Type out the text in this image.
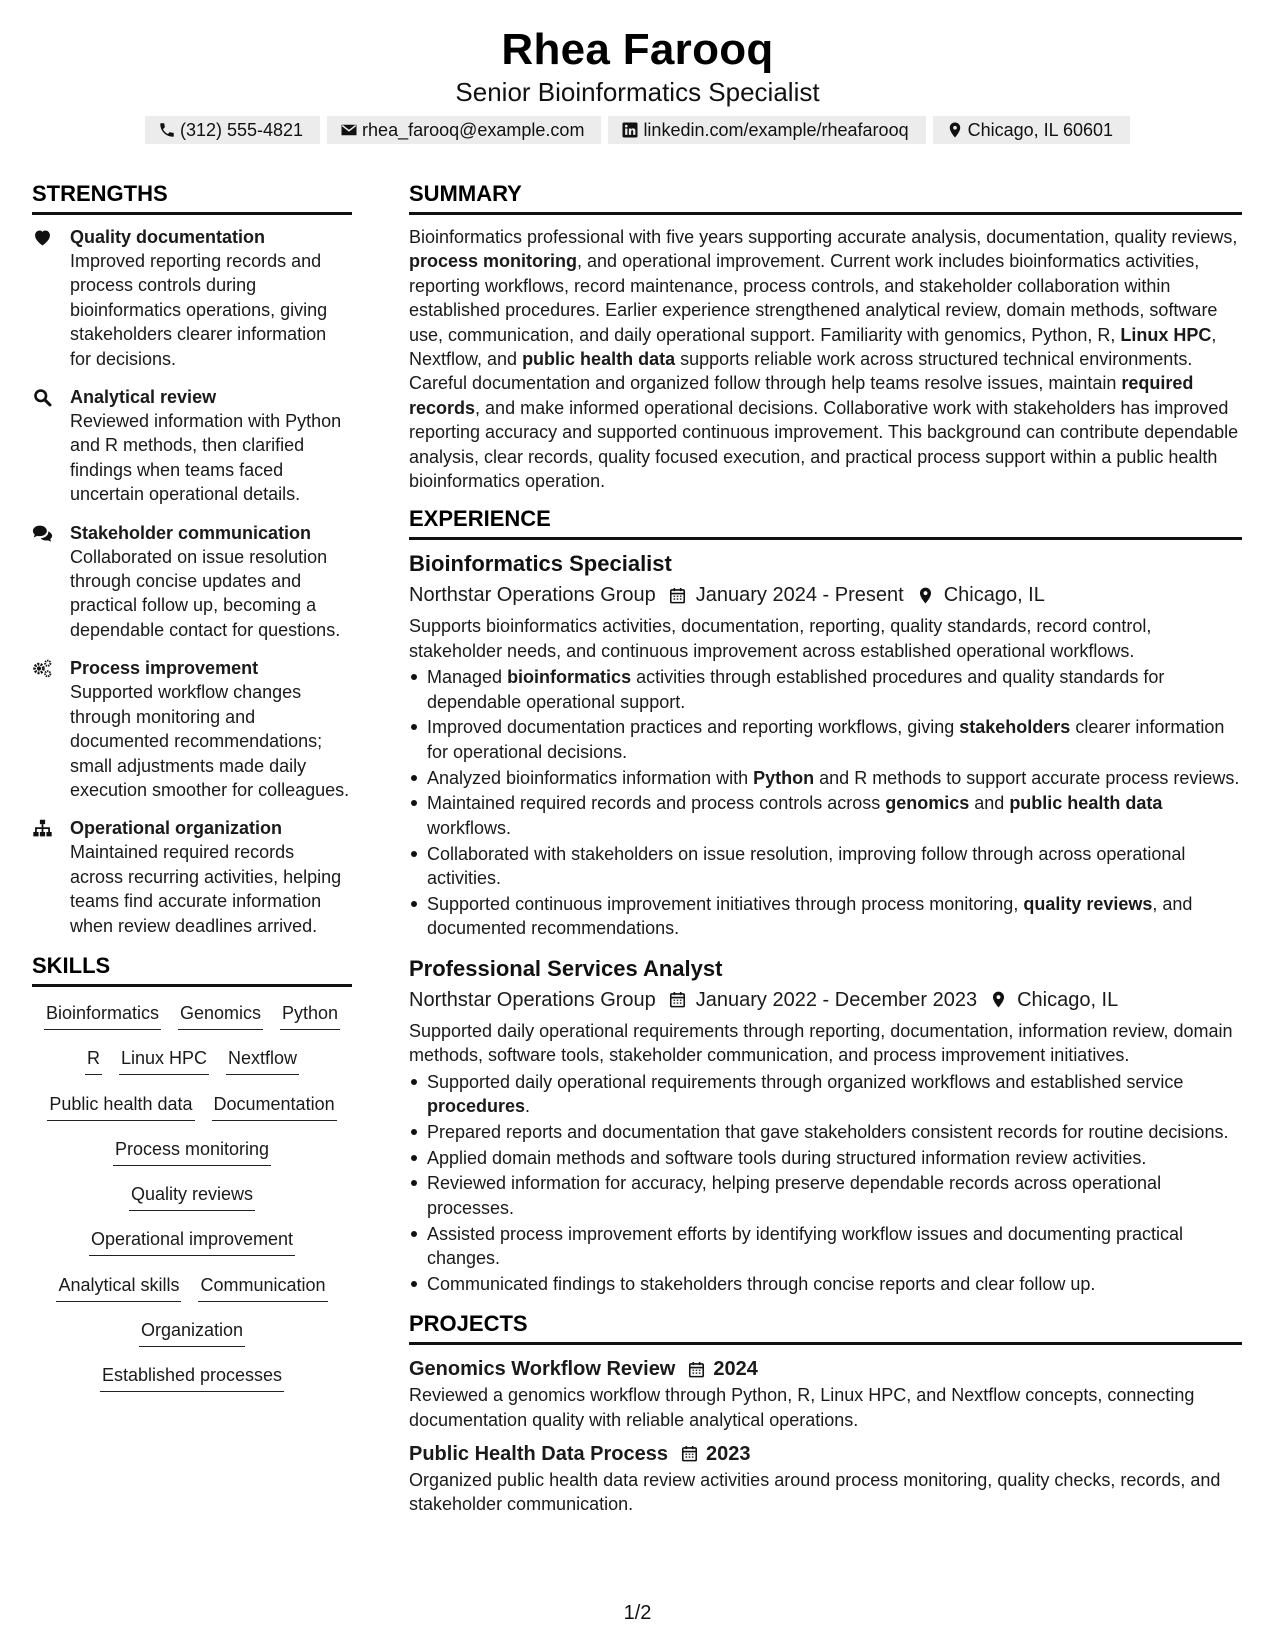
Rhea Farooq
Senior Bioinformatics Specialist
(312) 555-4821	rhea_farooq@example.com	linkedin.com/example/rheafarooq	Chicago, IL 60601
STRENGTHS
Quality documentation
Improved reporting records and process controls during bioinformatics operations, giving stakeholders clearer information for decisions.
Analytical review
Reviewed information with Python and R methods, then clarified findings when teams faced uncertain operational details.
Stakeholder communication
Collaborated on issue resolution through concise updates and practical follow up, becoming a dependable contact for questions.
Process improvement
Supported workflow changes through monitoring and documented recommendations; small adjustments made daily execution smoother for colleagues.
Operational organization
Maintained required records across recurring activities, helping teams find accurate information when review deadlines arrived.
SKILLS
Bioinformatics Genomics Python
R Linux HPC Nextflow
Public health data Documentation
Process monitoring
Quality reviews
Operational improvement
Analytical skills Communication
Organization
Established processes
SUMMARY

Bioinformatics professional with five years supporting accurate analysis, documentation, quality reviews, process monitoring, and operational improvement. Current work includes bioinformatics activities, reporting workflows, record maintenance, process controls, and stakeholder collaboration within established procedures. Earlier experience strengthened analytical review, domain methods, software use, communication, and daily operational support. Familiarity with genomics, Python, R, Linux HPC, Nextflow, and public health data supports reliable work across structured technical environments. Careful documentation and organized follow through help teams resolve issues, maintain required records, and make informed operational decisions. Collaborative work with stakeholders has improved reporting accuracy and supported continuous improvement. This background can contribute dependable analysis, clear records, quality focused execution, and practical process support within a public health bioinformatics operation.

EXPERIENCE
Bioinformatics Specialist
Northstar Operations Group January 2024 - Present Chicago, IL

Supports bioinformatics activities, documentation, reporting, quality standards, record control, stakeholder needs, and continuous improvement across established operational workflows.

Managed bioinformatics activities through established procedures and quality standards for dependable operational support.
Improved documentation practices and reporting workflows, giving stakeholders clearer information for operational decisions.
Analyzed bioinformatics information with Python and R methods to support accurate process reviews.
Maintained required records and process controls across genomics and public health data workflows.
Collaborated with stakeholders on issue resolution, improving follow through across operational activities.
Supported continuous improvement initiatives through process monitoring, quality reviews, and documented recommendations.
Professional Services Analyst
Northstar Operations Group January 2022 - December 2023 Chicago, IL

Supported daily operational requirements through reporting, documentation, information review, domain methods, software tools, stakeholder communication, and process improvement initiatives.

Supported daily operational requirements through organized workflows and established service procedures.
Prepared reports and documentation that gave stakeholders consistent records for routine decisions.
Applied domain methods and software tools during structured information review activities.
Reviewed information for accuracy, helping preserve dependable records across operational processes.
Assisted process improvement efforts by identifying workflow issues and documenting practical changes.
Communicated findings to stakeholders through concise reports and clear follow up.
PROJECTS
Genomics Workflow Review 2024

Reviewed a genomics workflow through Python, R, Linux HPC, and Nextflow concepts, connecting documentation quality with reliable analytical operations.

Public Health Data Process 2023

Organized public health data review activities around process monitoring, quality checks, records, and stakeholder communication.

1/2
